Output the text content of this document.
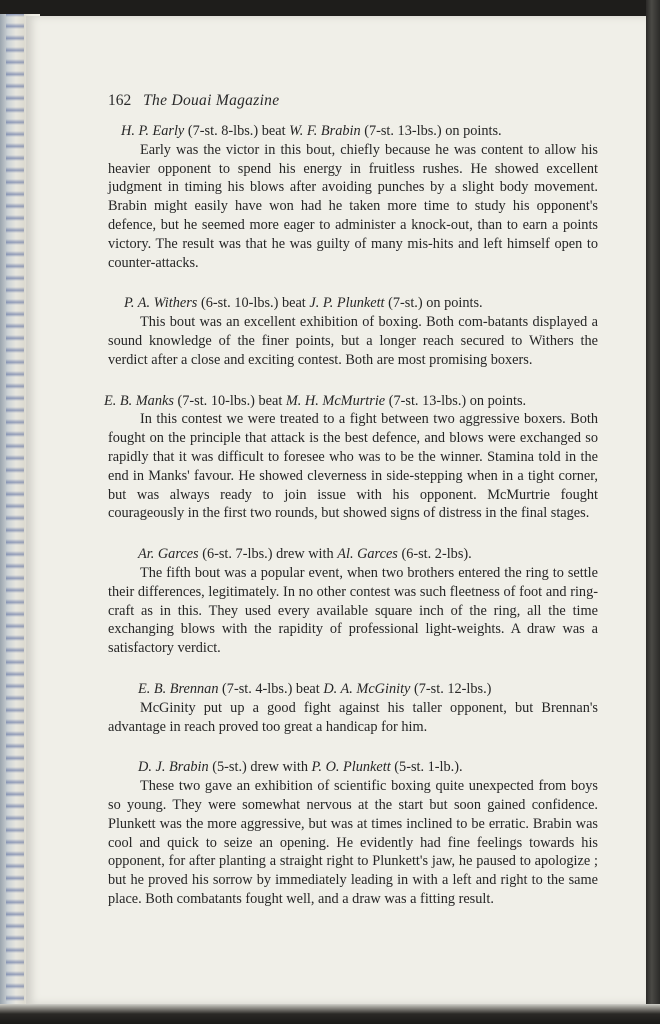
162 The Douai Magazine

H. P. Early (7-st. 8-lbs.) beat W. F. Brabin (7-st. 13-lbs.) on points.

Early was the victor in this bout, chiefly because he was content to allow his heavier opponent to spend his energy in fruitless rushes. He showed excellent judgment in timing his blows after avoiding punches by a slight body movement. Brabin might easily have won had he taken more time to study his opponent's defence, but he seemed more eager to administer a knock-out, than to earn a points victory. The result was that he was guilty of many mis-hits and left himself open to counter-attacks.

P. A. Withers (6-st. 10-lbs.) beat J. P. Plunkett (7-st.) on points.

This bout was an excellent exhibition of boxing. Both com-batants displayed a sound knowledge of the finer points, but a longer reach secured to Withers the verdict after a close and exciting contest. Both are most promising boxers.

E. B. Manks (7-st. 10-lbs.) beat M. H. McMurtrie (7-st. 13-lbs.) on points.

In this contest we were treated to a fight between two aggressive boxers. Both fought on the principle that attack is the best defence, and blows were exchanged so rapidly that it was difficult to foresee who was to be the winner. Stamina told in the end in Manks' favour. He showed cleverness in side-stepping when in a tight corner, but was always ready to join issue with his opponent. McMurtrie fought courageously in the first two rounds, but showed signs of distress in the final stages.

Ar. Garces (6-st. 7-lbs.) drew with Al. Garces (6-st. 2-lbs).

The fifth bout was a popular event, when two brothers entered the ring to settle their differences, legitimately. In no other contest was such fleetness of foot and ring-craft as in this. They used every available square inch of the ring, all the time exchanging blows with the rapidity of professional light-weights. A draw was a satisfactory verdict.

E. B. Brennan (7-st. 4-lbs.) beat D. A. McGinity (7-st. 12-lbs.)

McGinity put up a good fight against his taller opponent, but Brennan's advantage in reach proved too great a handicap for him.

D. J. Brabin (5-st.) drew with P. O. Plunkett (5-st. 1-lb.).

These two gave an exhibition of scientific boxing quite unexpected from boys so young. They were somewhat nervous at the start but soon gained confidence. Plunkett was the more aggressive, but was at times inclined to be erratic. Brabin was cool and quick to seize an opening. He evidently had fine feelings towards his opponent, for after planting a straight right to Plunkett's jaw, he paused to apologize ; but he proved his sorrow by immediately leading in with a left and right to the same place. Both combatants fought well, and a draw was a fitting result.
